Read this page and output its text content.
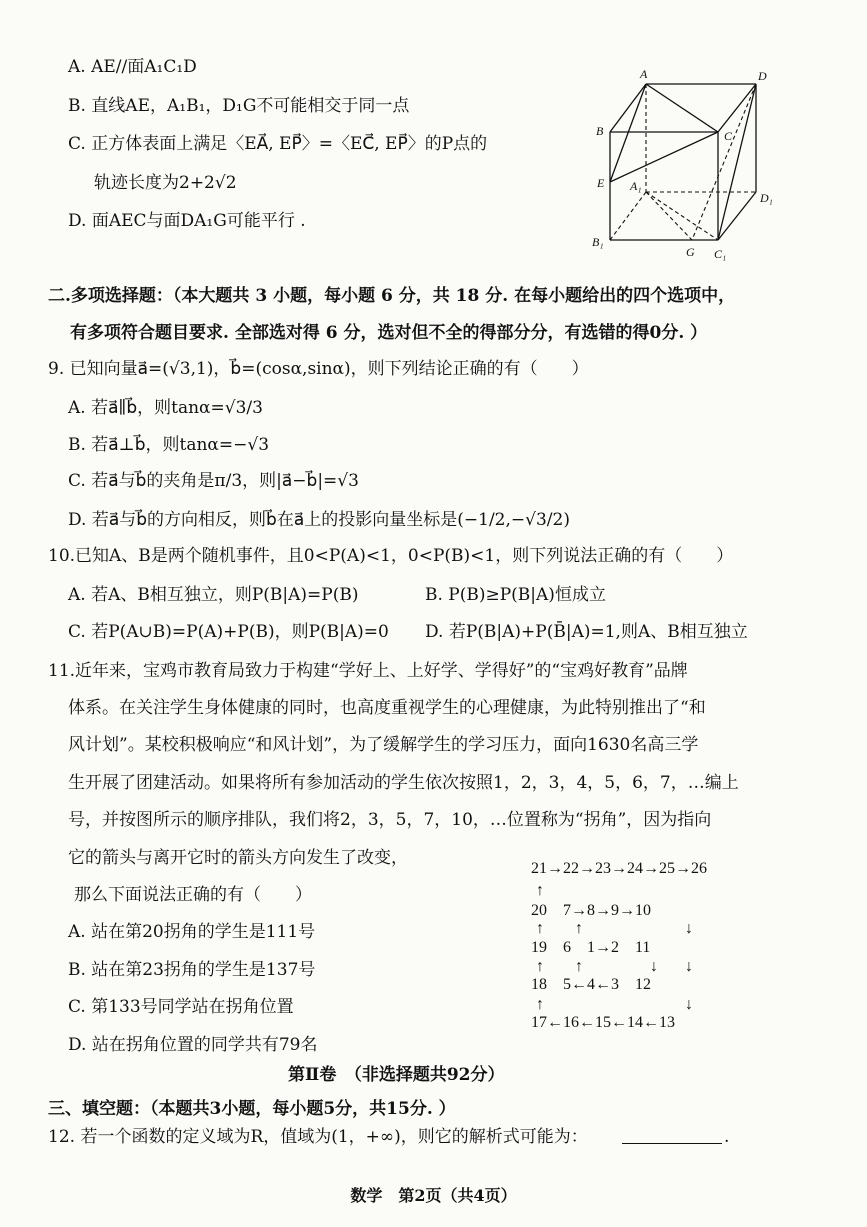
A. AE//面A₁C₁D
B. 直线AE，A₁B₁，D₁G不可能相交于同一点
C. 正方体表面上满足〈EA⃗, EP⃗〉=〈EC⃗, EP⃗〉的P点的
轨迹长度为2+2√2
D. 面AEC与面DA₁G可能平行 .
A	D
B	C
E A₁
D₁
B₁
G C₁
二.多项选择题：（本大题共 3 小题，每小题 6 分，共 18 分. 在每小题给出的四个选项中，
有多项符合题目要求. 全部选对得 6 分，选对但不全的得部分分，有选错的得0分. ）
9. 已知向量a⃗=(√3,1)，b⃗=(cosα,sinα)，则下列结论正确的有（　　）
A. 若a⃗∥b⃗，则tanα=√3/3
B. 若a⃗⊥b⃗，则tanα=−√3
C. 若a⃗与b⃗的夹角是π/3，则|a⃗−b⃗|=√3
D. 若a⃗与b⃗的方向相反，则b⃗在a⃗上的投影向量坐标是(−1/2,−√3/2)
10.已知A、B是两个随机事件，且0<P(A)<1，0<P(B)<1，则下列说法正确的有（　　）
A. 若A、B相互独立，则P(B|A)=P(B)	B. P(B)≥P(B|A)恒成立
C. 若P(A∪B)=P(A)+P(B)，则P(B|A)=0 D. 若P(B|A)+P(B̄|A)=1,则A、B相互独立
11.近年来，宝鸡市教育局致力于构建“学好上、上好学、学得好”的“宝鸡好教育”品牌
体系。在关注学生身体健康的同时，也高度重视学生的心理健康，为此特别推出了“和
风计划”。某校积极响应“和风计划”，为了缓解学生的学习压力，面向1630名高三学
生开展了团建活动。如果将所有参加活动的学生依次按照1，2，3，4，5，6，7，…编上
号，并按图所示的顺序排队，我们将2，3，5，7，10，…位置称为“拐角”，因为指向
它的箭头与离开它时的箭头方向发生了改变，
那么下面说法正确的有（　　）
A. 站在第20拐角的学生是111号
B. 站在第23拐角的学生是137号
C. 第133号同学站在拐角位置
D. 站在拐角位置的同学共有79名
21→22→23→24→25→26
20　7→8→9→10
19　6　1→2　11
18　5←4←3　12
17←16←15←14←13
↑
↑
↑
↑
↑
↑
↓
↓
↓
↓
第Ⅱ卷　（非选择题共92分）
三、填空题：（本题共3小题，每小题5分，共15分. ）
12. 若一个函数的定义域为R，值域为(1，+∞)，则它的解析式可能为：	.
数学　第2页（共4页）
